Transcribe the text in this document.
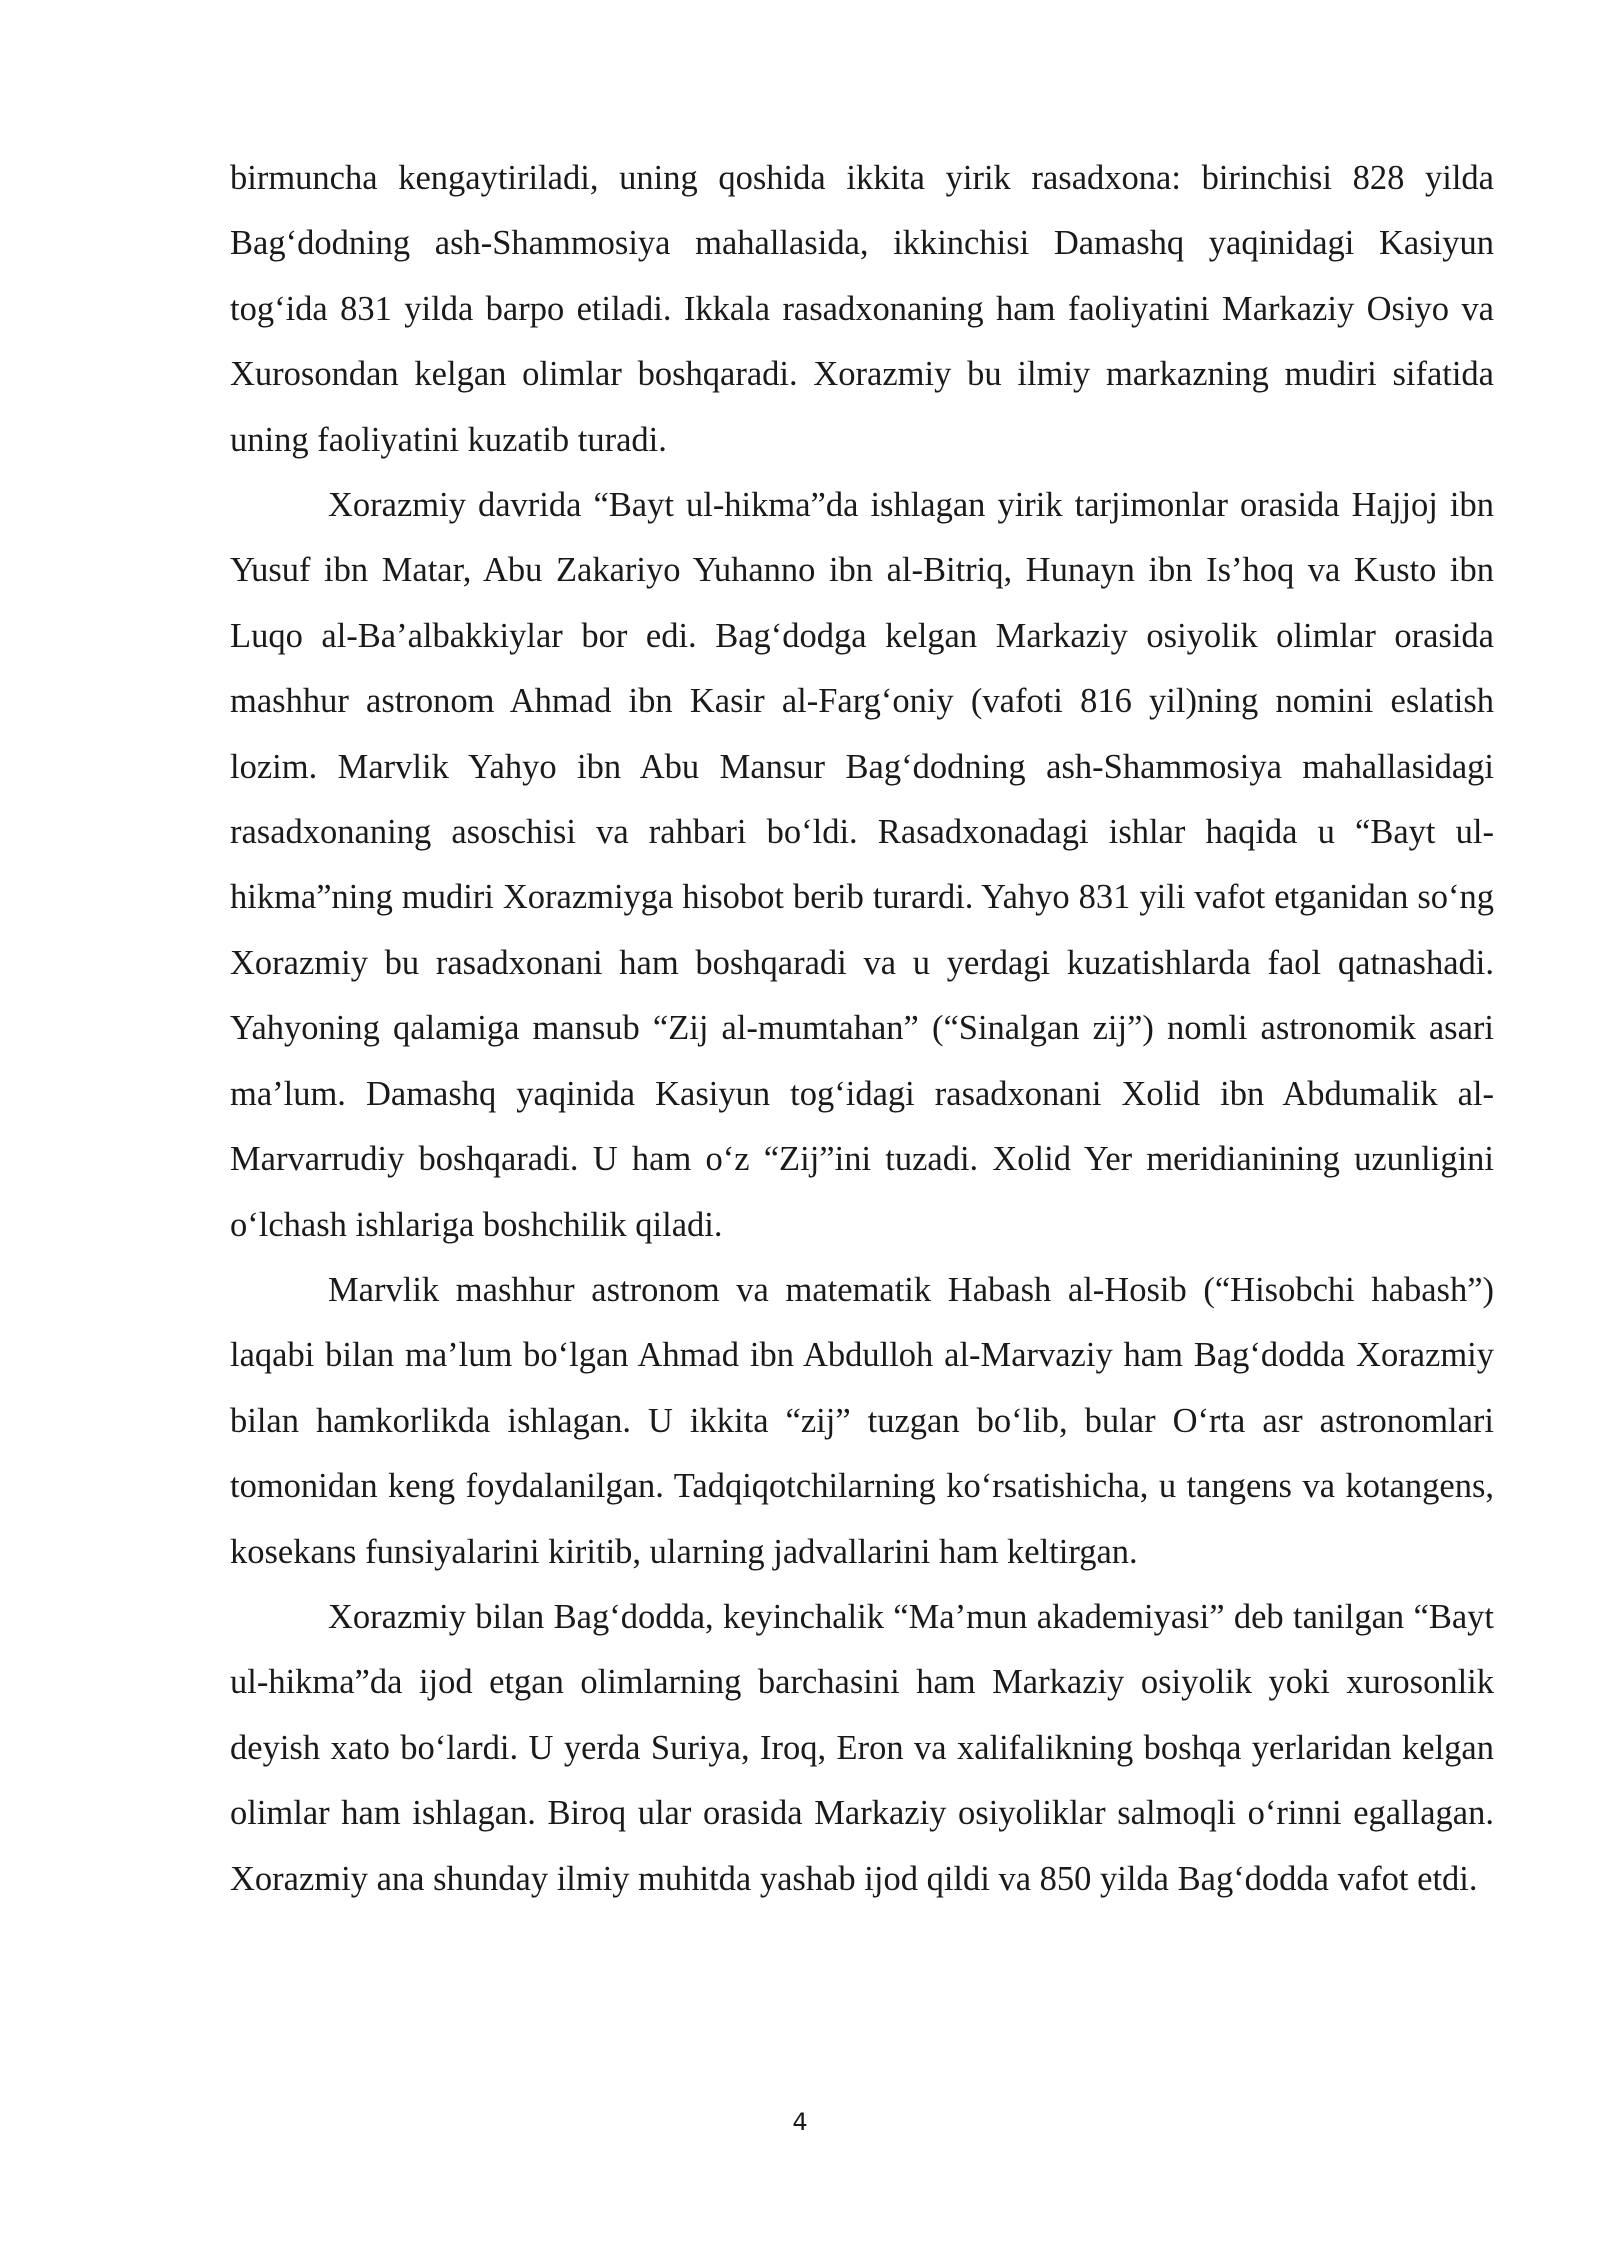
birmuncha kengaytiriladi, uning qoshida ikkita yirik rasadxona: birinchisi 828 yilda Bag‘dodning ash-Shammosiya mahallasida, ikkinchisi Damashq yaqinidagi Kasiyun tog‘ida 831 yilda barpo etiladi. Ikkala rasadxonaning ham faoliyatini Markaziy Osiyo va Xurosondan kelgan olimlar boshqaradi. Xorazmiy bu ilmiy markazning mudiri sifatida uning faoliyatini kuzatib turadi.

Xorazmiy davrida “Bayt ul-hikma”da ishlagan yirik tarjimonlar orasida Hajjoj ibn Yusuf ibn Matar, Abu Zakariyo Yuhanno ibn al-Bitriq, Hunayn ibn Is’hoq va Kusto ibn Luqo al-Ba’albakkiylar bor edi. Bag‘dodga kelgan Markaziy osiyolik olimlar orasida mashhur astronom Ahmad ibn Kasir al-Farg‘oniy (vafoti 816 yil)ning nomini eslatish lozim. Marvlik Yahyo ibn Abu Mansur Bag‘dodning ash-Shammosiya mahallasidagi rasadxonaning asoschisi va rahbari bo‘ldi. Rasadxonadagi ishlar haqida u “Bayt ul-hikma”ning mudiri Xorazmiyga hisobot berib turardi. Yahyo 831 yili vafot etganidan so‘ng Xorazmiy bu rasadxonani ham boshqaradi va u yerdagi kuzatishlarda faol qatnashadi. Yahyoning qalamiga mansub “Zij al-mumtahan” (“Sinalgan zij”) nomli astronomik asari ma’lum. Damashq yaqinida Kasiyun tog‘idagi rasadxonani Xolid ibn Abdumalik al-Marvarrudiy boshqaradi. U ham o‘z “Zij”ini tuzadi. Xolid Yer meridianining uzunligini o‘lchash ishlariga boshchilik qiladi.

Marvlik mashhur astronom va matematik Habash al-Hosib (“Hisobchi habash”) laqabi bilan ma’lum bo‘lgan Ahmad ibn Abdulloh al-Marvaziy ham Bag‘dodda Xorazmiy bilan hamkorlikda ishlagan. U ikkita “zij” tuzgan bo‘lib, bular O‘rta asr astronomlari tomonidan keng foydalanilgan. Tadqiqotchilarning ko‘rsatishicha, u tangens va kotangens, kosekans funsiyalarini kiritib, ularning jadvallarini ham keltirgan.

Xorazmiy bilan Bag‘dodda, keyinchalik “Ma’mun akademiyasi” deb tanilgan “Bayt ul-hikma”da ijod etgan olimlarning barchasini ham Markaziy osiyolik yoki xurosonlik deyish xato bo‘lardi. U yerda Suriya, Iroq, Eron va xalifalikning boshqa yerlaridan kelgan olimlar ham ishlagan. Biroq ular orasida Markaziy osiyoliklar salmoqli o‘rinni egallagan. Xorazmiy ana shunday ilmiy muhitda yashab ijod qildi va 850 yilda Bag‘dodda vafot etdi.

4
